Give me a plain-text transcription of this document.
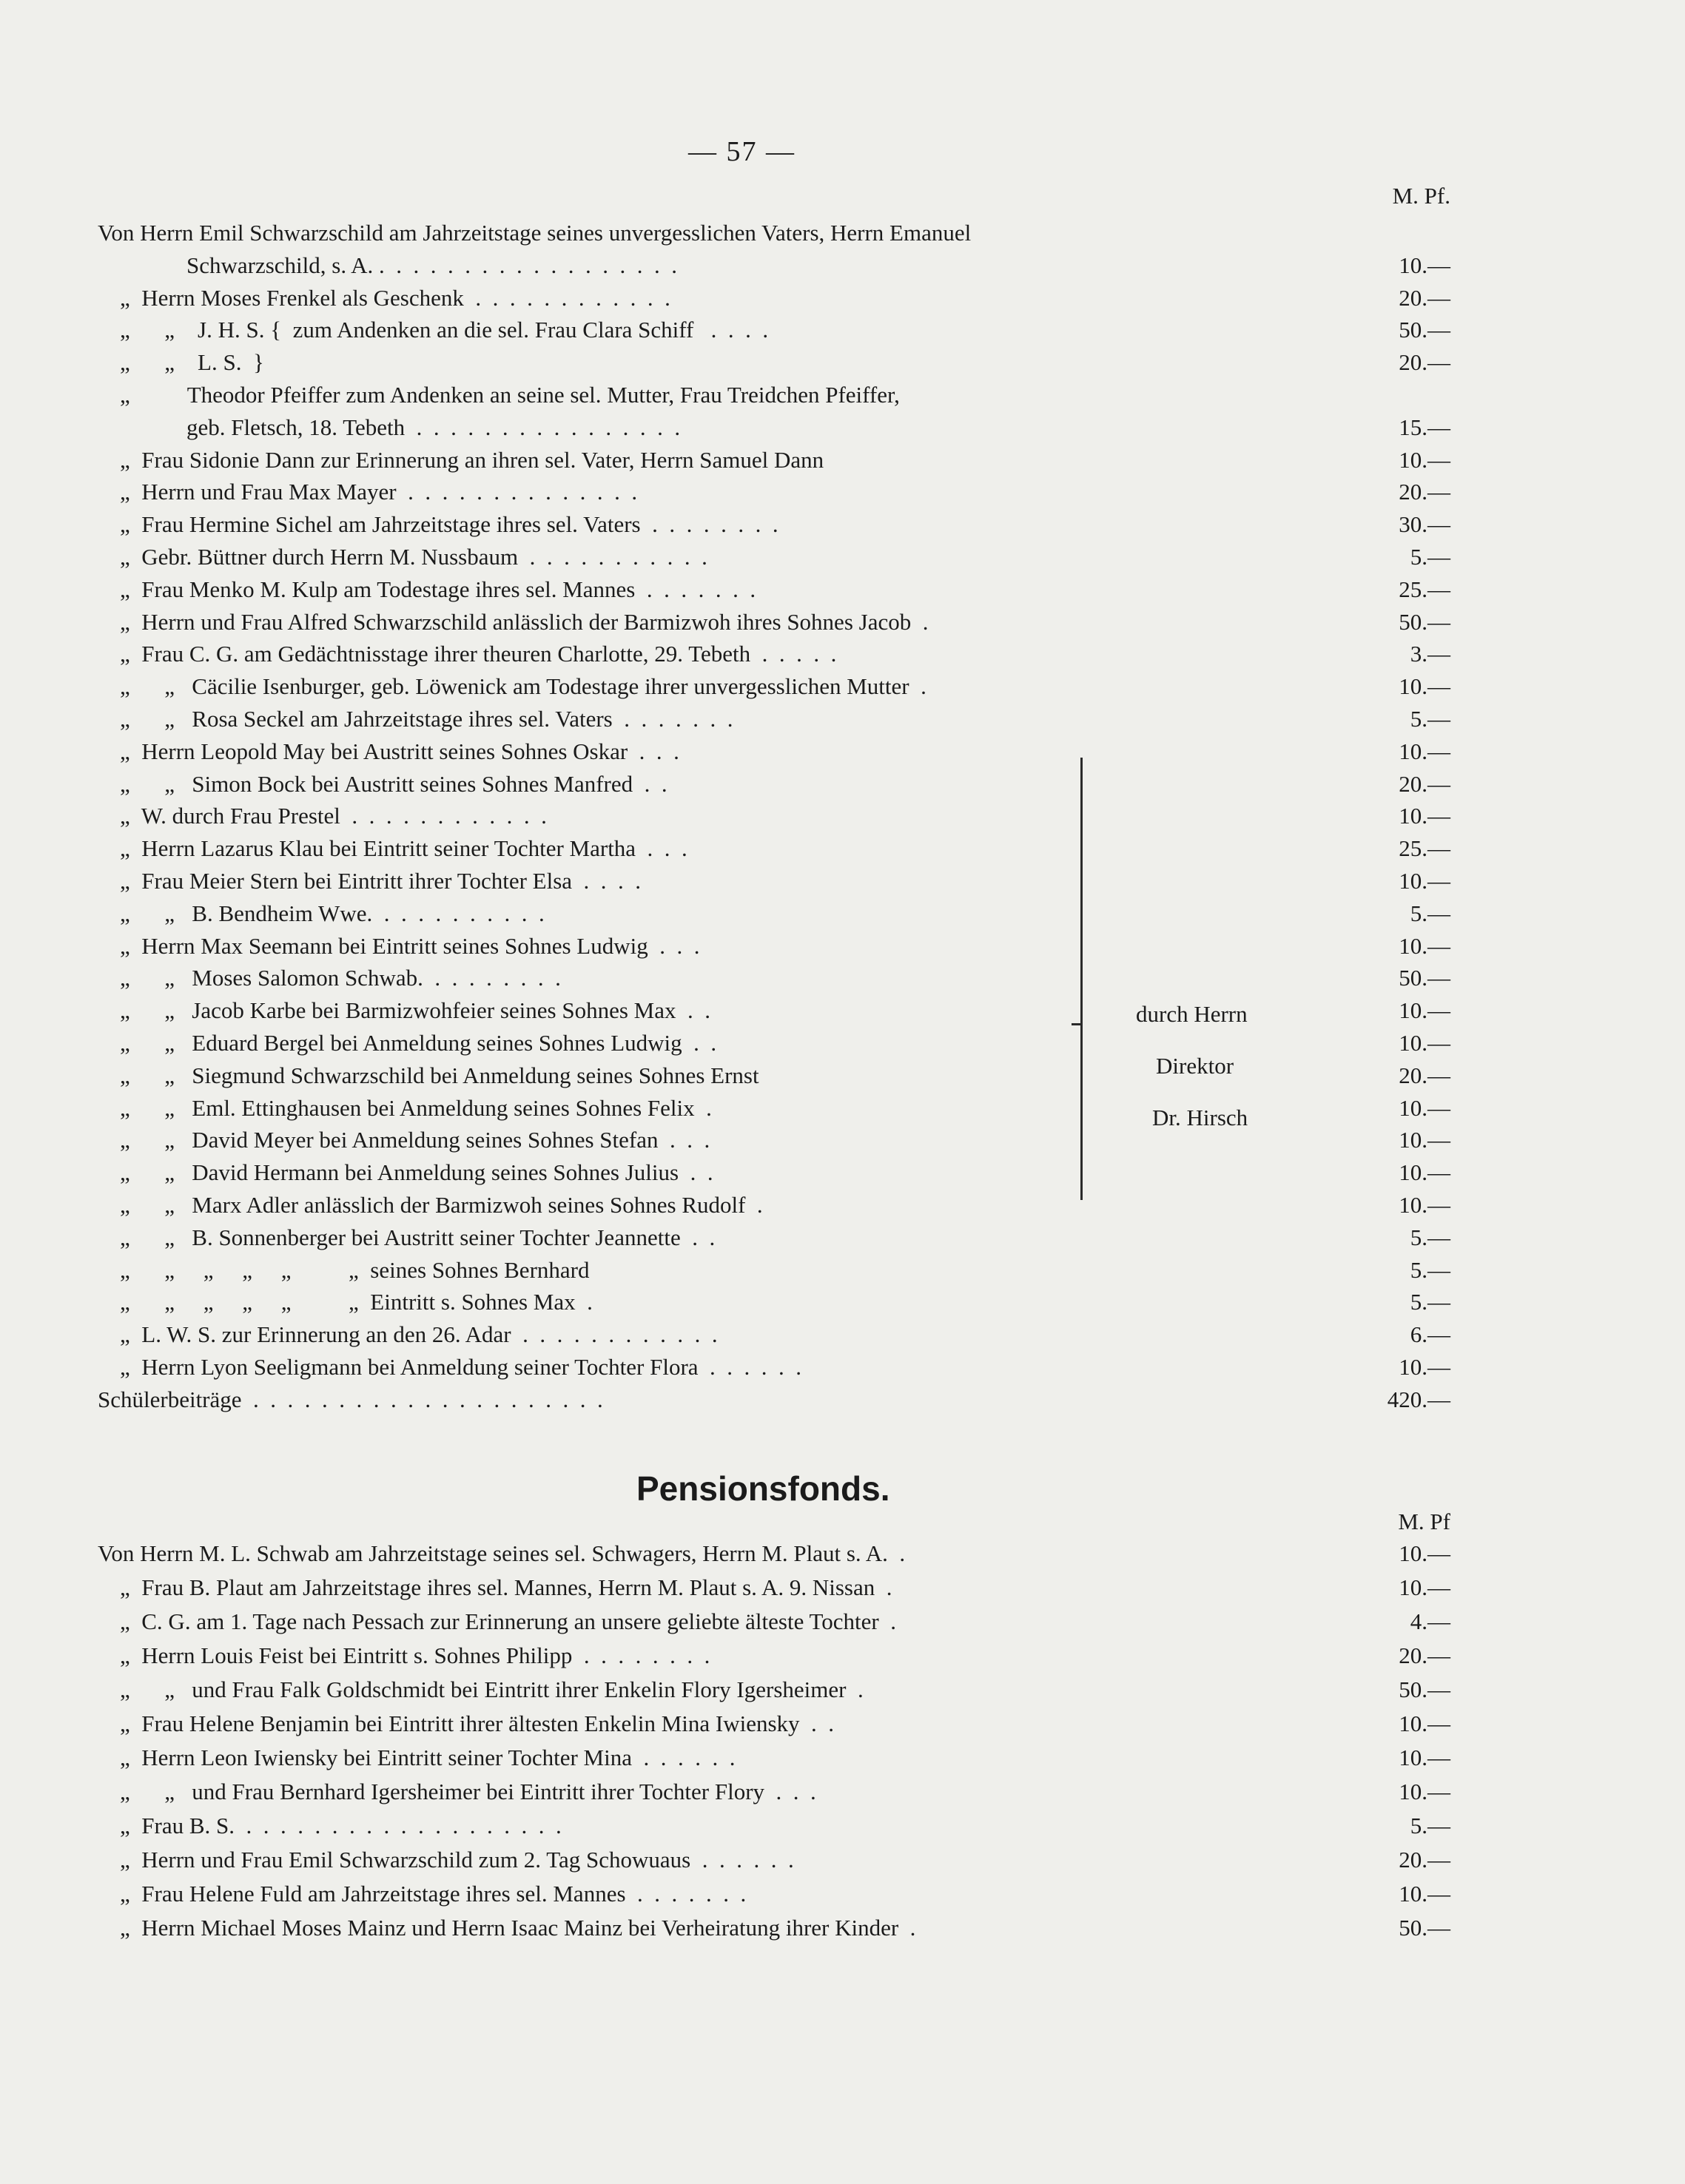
— 57 —
M. Pf.
Von Herrn Emil Schwarzschild am Jahrzeitstage seines unvergesslichen Vaters, Herrn Emanuel
Schwarzschild, s. A. .  .  .  .  .  .  .  .  .  .  .  .  .  .  .  .  .  .	10.—
„  Herrn Moses Frenkel als Geschenk  .  .  .  .  .  .  .  .  .  .  .  .	20.—
„      „    J. H. S. {  zum Andenken an die sel. Frau Clara Schiff   .  .  .  .	50.—
„      „    L. S.  }	20.—
„          Theodor Pfeiffer zum Andenken an seine sel. Mutter, Frau Treidchen Pfeiffer,
geb. Fletsch, 18. Tebeth  .  .  .  .  .  .  .  .  .  .  .  .  .  .  .  .	15.—
„  Frau Sidonie Dann zur Erinnerung an ihren sel. Vater, Herrn Samuel Dann	10.—
„  Herrn und Frau Max Mayer  .  .  .  .  .  .  .  .  .  .  .  .  .  .	20.—
„  Frau Hermine Sichel am Jahrzeitstage ihres sel. Vaters  .  .  .  .  .  .  .  .	30.—
„  Gebr. Büttner durch Herrn M. Nussbaum  .  .  .  .  .  .  .  .  .  .  .	5.—
„  Frau Menko M. Kulp am Todestage ihres sel. Mannes  .  .  .  .  .  .  .	25.—
„  Herrn und Frau Alfred Schwarzschild anlässlich der Barmizwoh ihres Sohnes Jacob  .	50.—
„  Frau C. G. am Gedächtnisstage ihrer theuren Charlotte, 29. Tebeth  .  .  .  .  .	3.—
„      „   Cäcilie Isenburger, geb. Löwenick am Todestage ihrer unvergesslichen Mutter  .	10.—
„      „   Rosa Seckel am Jahrzeitstage ihres sel. Vaters  .  .  .  .  .  .  .	5.—
„  Herrn Leopold May bei Austritt seines Sohnes Oskar  .  .  .	10.—
„      „   Simon Bock bei Austritt seines Sohnes Manfred  .  .	20.—
„  W. durch Frau Prestel  .  .  .  .  .  .  .  .  .  .  .  .	10.—
„  Herrn Lazarus Klau bei Eintritt seiner Tochter Martha  .  .  .	25.—
„  Frau Meier Stern bei Eintritt ihrer Tochter Elsa  .  .  .  .	10.—
„      „   B. Bendheim Wwe.  .  .  .  .  .  .  .  .  .  .	5.—
„  Herrn Max Seemann bei Eintritt seines Sohnes Ludwig  .  .  .	10.—
„      „   Moses Salomon Schwab.  .  .  .  .  .  .  .  .	50.—
„      „   Jacob Karbe bei Barmizwohfeier seines Sohnes Max  .  .	10.—
„      „   Eduard Bergel bei Anmeldung seines Sohnes Ludwig  .  .	10.—
„      „   Siegmund Schwarzschild bei Anmeldung seines Sohnes Ernst	20.—
„      „   Eml. Ettinghausen bei Anmeldung seines Sohnes Felix  .	10.—
„      „   David Meyer bei Anmeldung seines Sohnes Stefan  .  .  .	10.—
„      „   David Hermann bei Anmeldung seines Sohnes Julius  .  .	10.—
„      „   Marx Adler anlässlich der Barmizwoh seines Sohnes Rudolf  .	10.—
„      „   B. Sonnenberger bei Austritt seiner Tochter Jeannette  .  .	5.—
„      „     „     „     „          „  seines Sohnes Bernhard	5.—
„      „     „     „     „          „  Eintritt s. Sohnes Max  .	5.—
„  L. W. S. zur Erinnerung an den 26. Adar  .  .  .  .  .  .  .  .  .  .  .  .	6.—
„  Herrn Lyon Seeligmann bei Anmeldung seiner Tochter Flora  .  .  .  .  .  .	10.—
Schülerbeiträge  .  .  .  .  .  .  .  .  .  .  .  .  .  .  .  .  .  .  .  .  .	420.—
durch Herrn
Direktor
Dr. Hirsch
Pensionsfonds.
M. Pf
Von Herrn M. L. Schwab am Jahrzeitstage seines sel. Schwagers, Herrn M. Plaut s. A.  .	10.—
„  Frau B. Plaut am Jahrzeitstage ihres sel. Mannes, Herrn M. Plaut s. A. 9. Nissan  .	10.—
„  C. G. am 1. Tage nach Pessach zur Erinnerung an unsere geliebte älteste Tochter  .	4.—
„  Herrn Louis Feist bei Eintritt s. Sohnes Philipp  .  .  .  .  .  .  .  .	20.—
„      „   und Frau Falk Goldschmidt bei Eintritt ihrer Enkelin Flory Igersheimer  .	50.—
„  Frau Helene Benjamin bei Eintritt ihrer ältesten Enkelin Mina Iwiensky  .  .	10.—
„  Herrn Leon Iwiensky bei Eintritt seiner Tochter Mina  .  .  .  .  .  .	10.—
„      „   und Frau Bernhard Igersheimer bei Eintritt ihrer Tochter Flory  .  .  .	10.—
„  Frau B. S.  .  .  .  .  .  .  .  .  .  .  .  .  .  .  .  .  .  .  .	5.—
„  Herrn und Frau Emil Schwarzschild zum 2. Tag Schowuaus  .  .  .  .  .  .	20.—
„  Frau Helene Fuld am Jahrzeitstage ihres sel. Mannes  .  .  .  .  .  .  .	10.—
„  Herrn Michael Moses Mainz und Herrn Isaac Mainz bei Verheiratung ihrer Kinder  .	50.—
